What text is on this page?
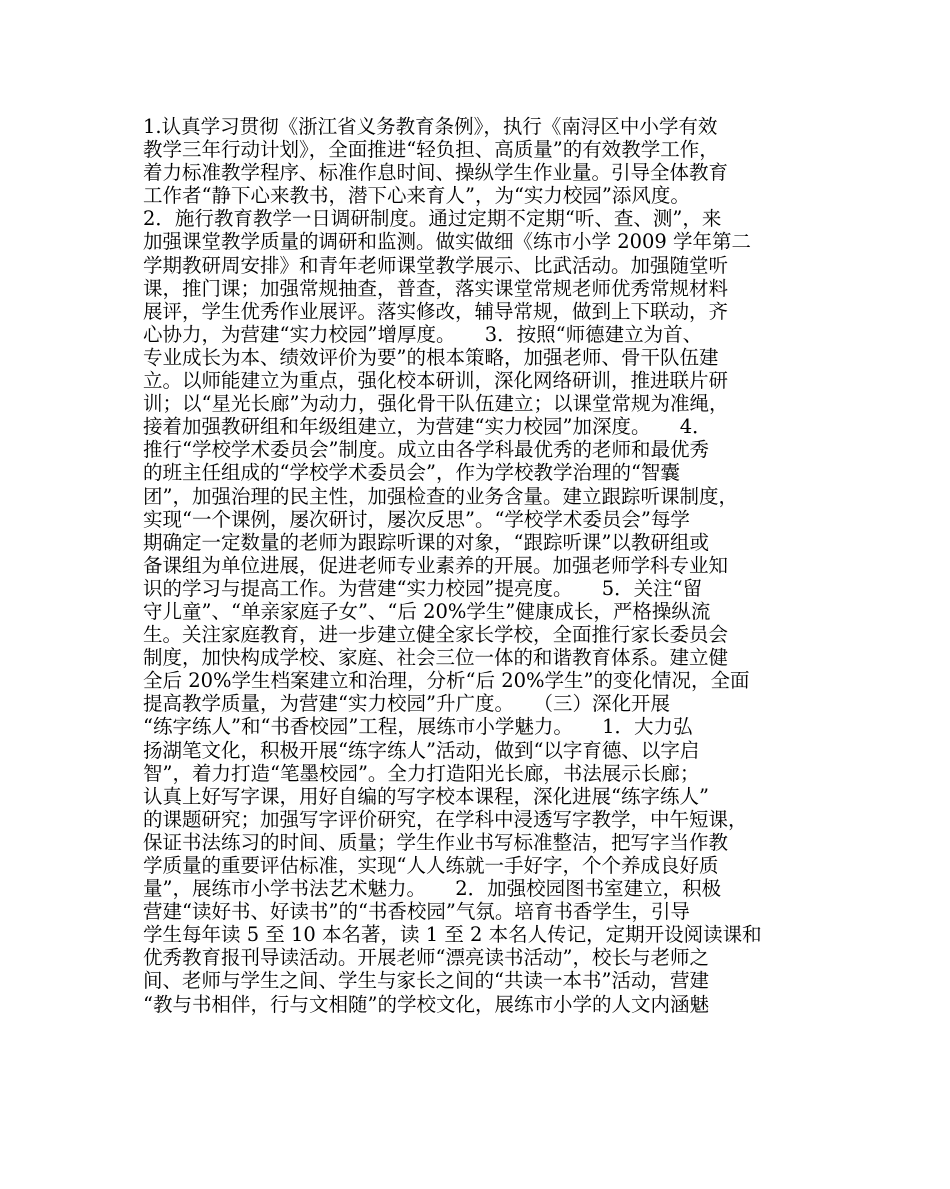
1.认真学习贯彻《浙江省义务教育条例》，执行《南浔区中小学有效
教学三年行动计划》，全面推进“轻负担、高质量”的有效教学工作，
着力标准教学程序、标准作息时间、操纵学生作业量。引导全体教育
工作者“静下心来教书，潜下心来育人”，为“实力校园”添风度。
2．施行教育教学一日调研制度。通过定期不定期“听、查、测”，来
加强课堂教学质量的调研和监测。做实做细《练市小学 2009 学年第二
学期教研周安排》和青年老师课堂教学展示、比武活动。加强随堂听
课，推门课；加强常规抽查，普查，落实课堂常规老师优秀常规材料
展评，学生优秀作业展评。落实修改，辅导常规，做到上下联动，齐
心协力，为营建“实力校园”增厚度。　　3．按照“师德建立为首、
专业成长为本、绩效评价为要”的根本策略，加强老师、骨干队伍建
立。以师能建立为重点，强化校本研训，深化网络研训，推进联片研
训；以“星光长廊”为动力，强化骨干队伍建立；以课堂常规为准绳，
接着加强教研组和年级组建立，为营建“实力校园”加深度。　　4．
推行“学校学术委员会”制度。成立由各学科最优秀的老师和最优秀
的班主任组成的“学校学术委员会”，作为学校教学治理的“智囊
团”，加强治理的民主性，加强检查的业务含量。建立跟踪听课制度，
实现“一个课例，屡次研讨，屡次反思”。“学校学术委员会”每学
期确定一定数量的老师为跟踪听课的对象，“跟踪听课”以教研组或
备课组为单位进展，促进老师专业素养的开展。加强老师学科专业知
识的学习与提高工作。为营建“实力校园”提亮度。　　5．关注“留
守儿童”、“单亲家庭子女”、“后 20%学生”健康成长，严格操纵流
生。关注家庭教育，进一步建立健全家长学校，全面推行家长委员会
制度，加快构成学校、家庭、社会三位一体的和谐教育体系。建立健
全后 20%学生档案建立和治理，分析“后 20%学生”的变化情况，全面
提高教学质量，为营建“实力校园”升广度。　　（三）深化开展
“练字练人”和“书香校园”工程，展练市小学魅力。　　1．大力弘
扬湖笔文化，积极开展“练字练人”活动，做到“以字育德、以字启
智”，着力打造“笔墨校园”。全力打造阳光长廊，书法展示长廊；
认真上好写字课，用好自编的写字校本课程，深化进展“练字练人”
的课题研究；加强写字评价研究，在学科中浸透写字教学，中午短课，
保证书法练习的时间、质量；学生作业书写标准整洁，把写字当作教
学质量的重要评估标准，实现“人人练就一手好字，个个养成良好质
量”，展练市小学书法艺术魅力。　　2．加强校园图书室建立，积极
营建“读好书、好读书”的“书香校园”气氛。培育书香学生，引导
学生每年读 5 至 10 本名著，读 1 至 2 本名人传记，定期开设阅读课和
优秀教育报刊导读活动。开展老师“漂亮读书活动”，校长与老师之
间、老师与学生之间、学生与家长之间的“共读一本书”活动，营建
“教与书相伴，行与文相随”的学校文化，展练市小学的人文内涵魅
